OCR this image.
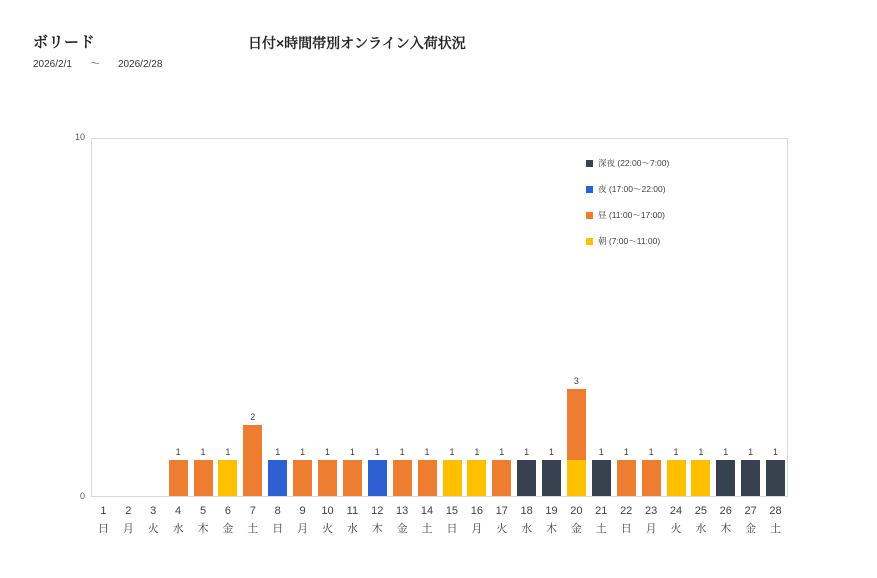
ボリード
2026/2/1 ～ 2026/2/28
日付×時間帯別オンライン入荷状況
10
0
1	1	1
2
1	1	1	1	1	1	1	1	1	1	1	1
3
1	1	1	1	1	1	1	1
1
日
2
月
3
火
4
水
5
木
6
金
7
土
8
日
9
月
10
火
11
水
12
木
13
金
14
土
15
日
16
月
17
火
18
水
19
木
20
金
21
土
22
日
23
月
24
火
25
水
26
木
27
金
28
土
深夜 (22:00〜7:00)
夜 (17:00〜22:00)
昼 (11:00〜17:00)
朝 (7:00〜11:00)
